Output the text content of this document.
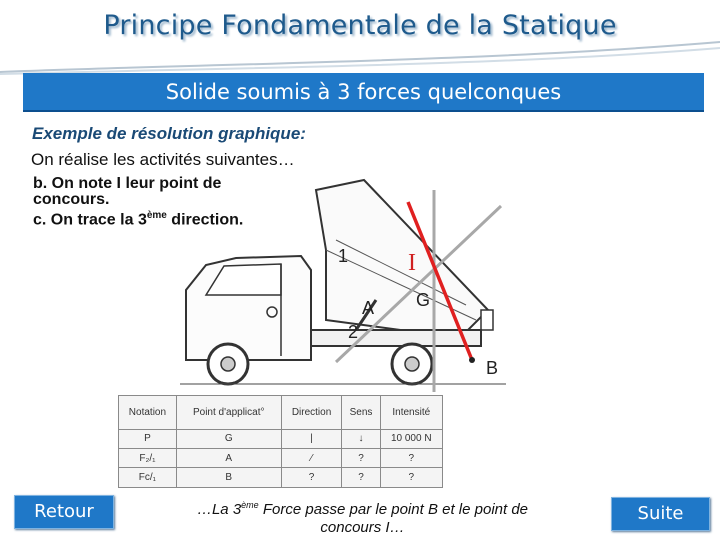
Principe Fondamentale de la Statique
Solide soumis à 3 forces quelconques
Exemple de résolution graphique:
On réalise les activités suivantes…
b. On note I leur point de concours.
c. On trace la 3ème direction.
1
2
I
A G
B
Notation	Point d'applicat°	Direction	Sens	Intensité
P	G	|	↓	10 000 N
F₂/₁	A	⁄	?	?
Fc/₁	B	?	?	?
Retour	…La 3ème Force passe par le point B et le point de concours I…
Suite
